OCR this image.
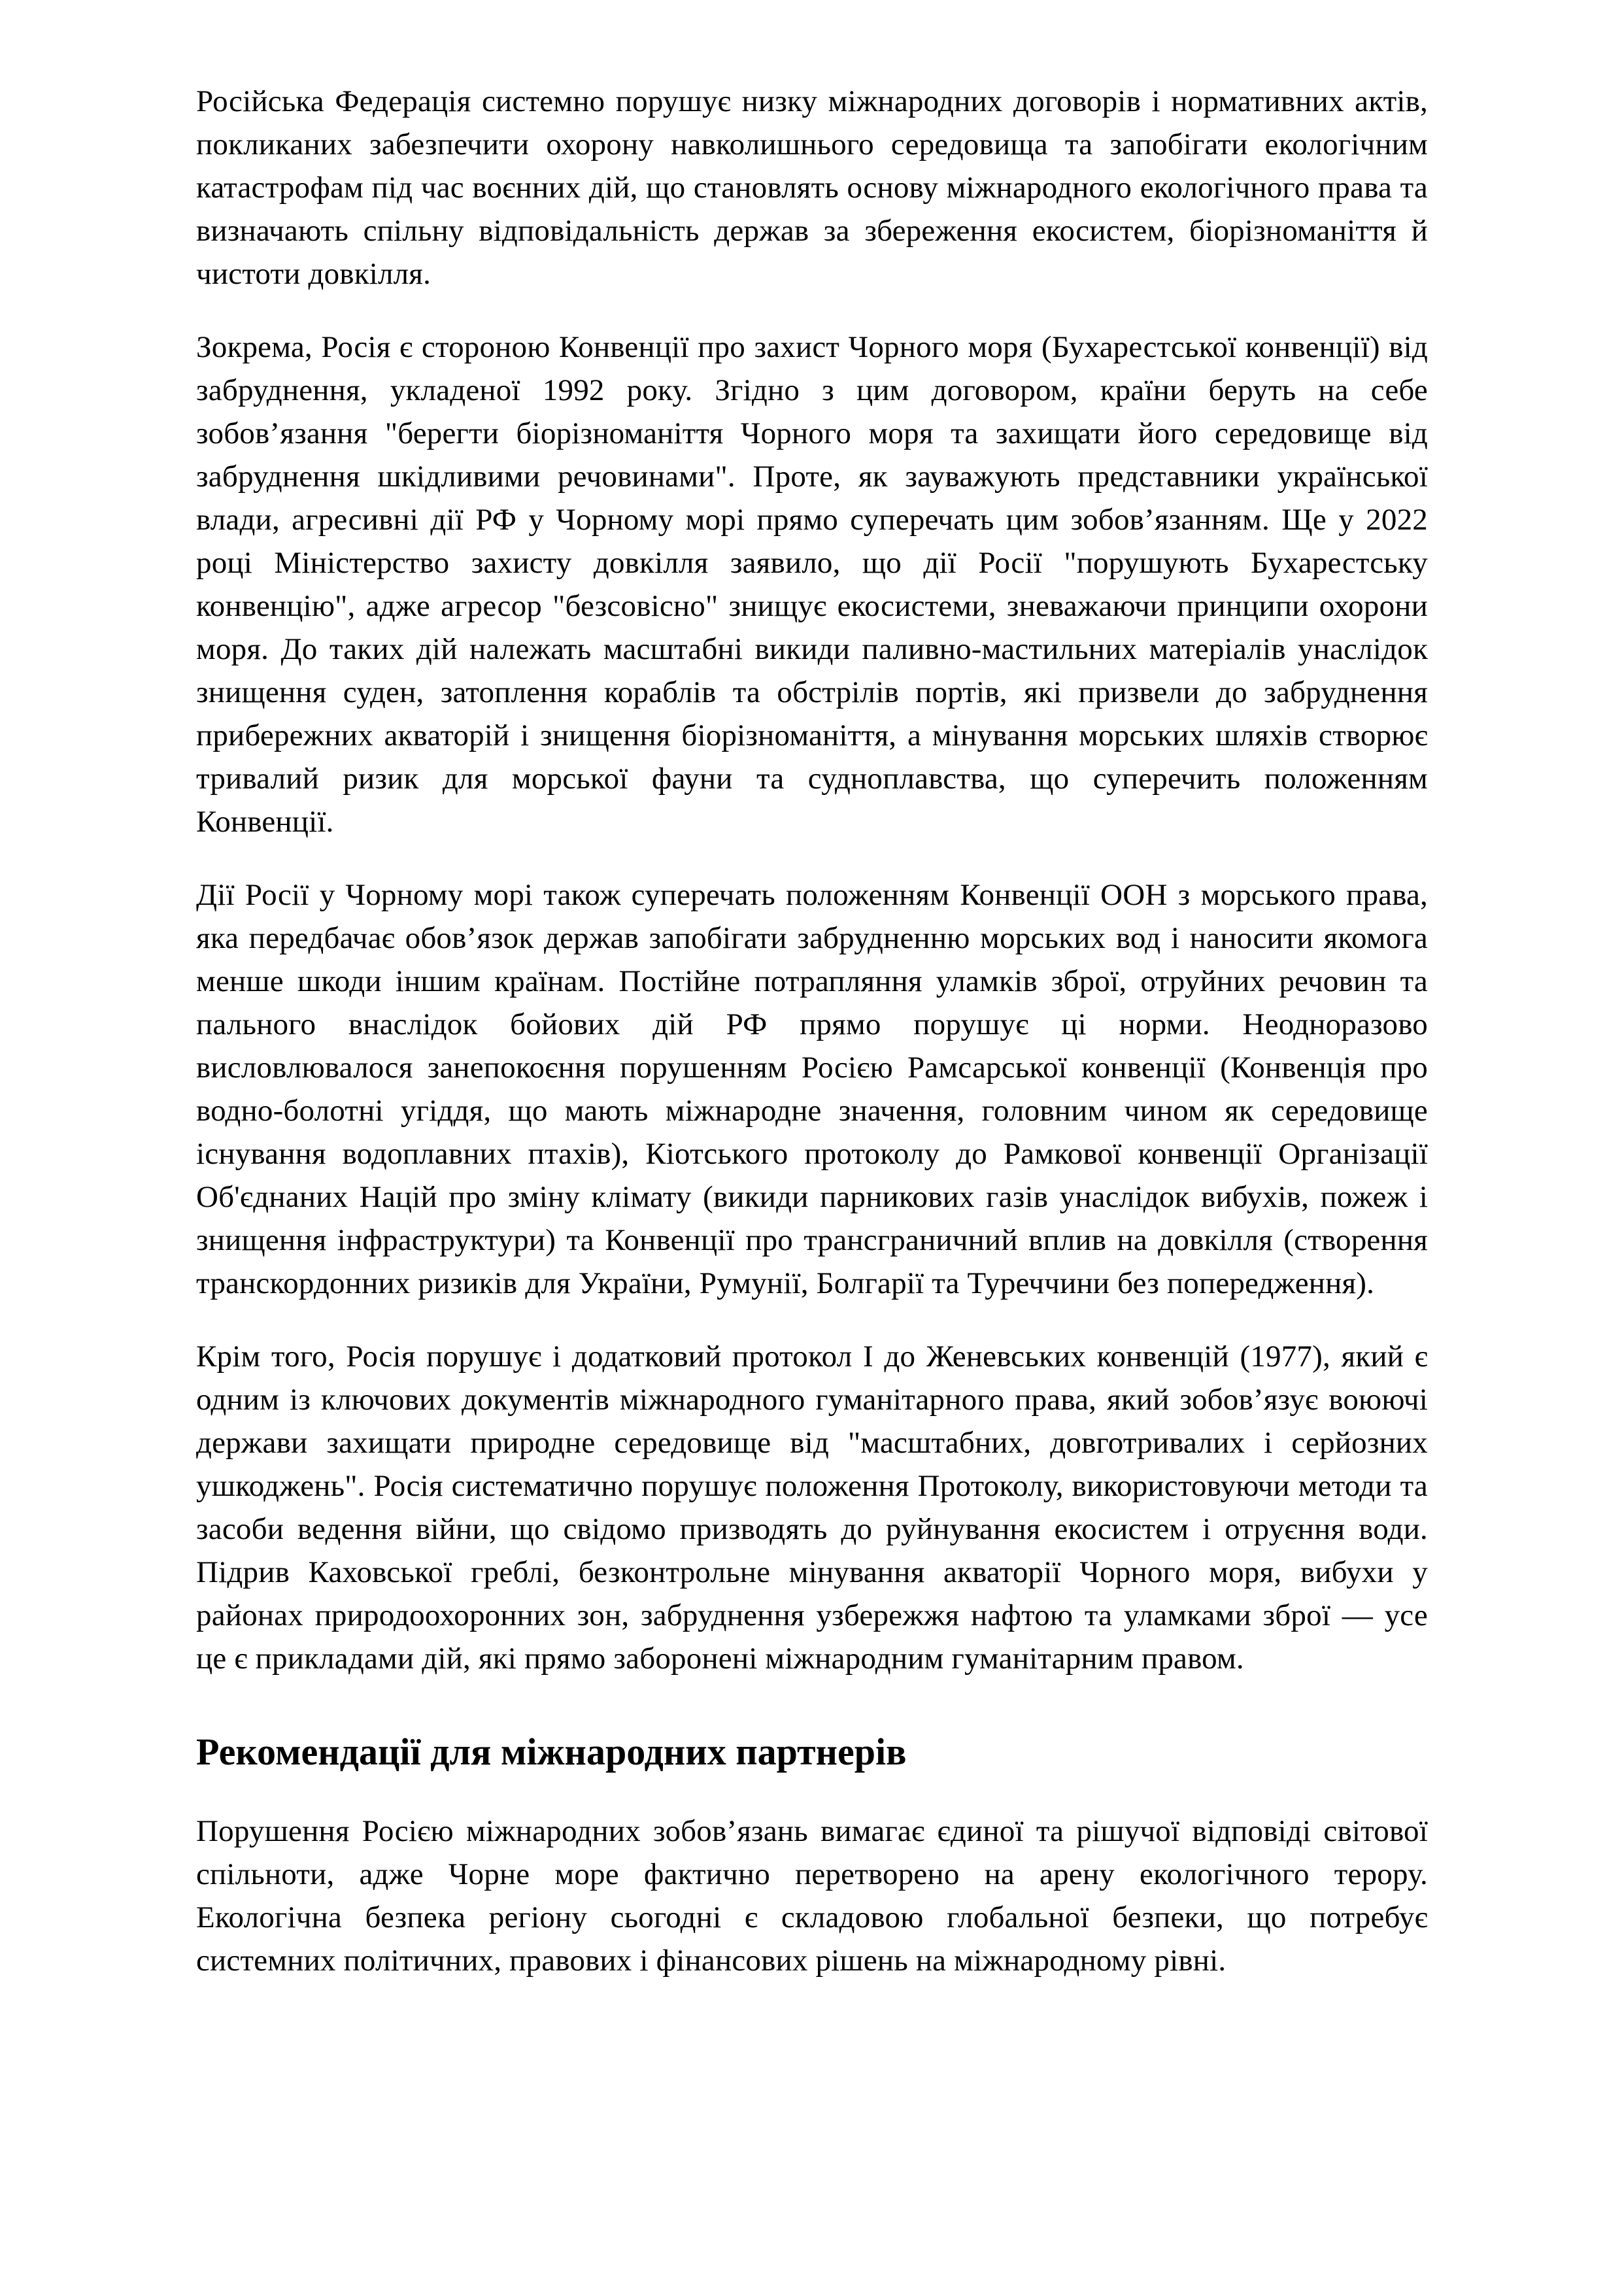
Російська Федерація системно порушує низку міжнародних договорів і нормативних актів, покликаних забезпечити охорону навколишнього середовища та запобігати екологічним катастрофам під час воєнних дій, що становлять основу міжнародного екологічного права та визначають спільну відповідальність держав за збереження екосистем, біорізноманіття й чистоти довкілля.

Зокрема, Росія є стороною Конвенції про захист Чорного моря (Бухарестської конвенції) від забруднення, укладеної 1992 року. Згідно з цим договором, країни беруть на себе зобов’язання "берегти біорізноманіття Чорного моря та захищати його середовище від забруднення шкідливими речовинами". Проте, як зауважують представники української влади, агресивні дії РФ у Чорному морі прямо суперечать цим зобов’язанням. Ще у 2022 році Міністерство захисту довкілля заявило, що дії Росії "порушують Бухарестську конвенцію", адже агресор "безсовісно" знищує екосистеми, зневажаючи принципи охорони моря. До таких дій належать масштабні викиди паливно-мастильних матеріалів унаслідок знищення суден, затоплення кораблів та обстрілів портів, які призвели до забруднення прибережних акваторій і знищення біорізноманіття, а мінування морських шляхів створює тривалий ризик для морської фауни та судноплавства, що суперечить положенням Конвенції.

Дії Росії у Чорному морі також суперечать положенням Конвенції ООН з морського права, яка передбачає обов’язок держав запобігати забрудненню морських вод і наносити якомога менше шкоди іншим країнам. Постійне потрапляння уламків зброї, отруйних речовин та пального внаслідок бойових дій РФ прямо порушує ці норми. Неодноразово висловлювалося занепокоєння порушенням Росією Рамсарської конвенції (Конвенція про водно-болотні угіддя, що мають міжнародне значення, головним чином як середовище існування водоплавних птахів), Кіотського протоколу до Рамкової конвенції Організації Об'єднаних Націй про зміну клімату (викиди парникових газів унаслідок вибухів, пожеж і знищення інфраструктури) та Конвенції про трансграничний вплив на довкілля (створення транскордонних ризиків для України, Румунії, Болгарії та Туреччини без попередження).

Крім того, Росія порушує і додатковий протокол I до Женевських конвенцій (1977), який є одним із ключових документів міжнародного гуманітарного права, який зобов’язує воюючі держави захищати природне середовище від "масштабних, довготривалих і серйозних ушкоджень". Росія систематично порушує положення Протоколу, використовуючи методи та засоби ведення війни, що свідомо призводять до руйнування екосистем і отруєння води. Підрив Каховської греблі, безконтрольне мінування акваторії Чорного моря, вибухи у районах природоохоронних зон, забруднення узбережжя нафтою та уламками зброї — усе це є прикладами дій, які прямо заборонені міжнародним гуманітарним правом.

Рекомендації для міжнародних партнерів

Порушення Росією міжнародних зобов’язань вимагає єдиної та рішучої відповіді світової спільноти, адже Чорне море фактично перетворено на арену екологічного терору. Екологічна безпека регіону сьогодні є складовою глобальної безпеки, що потребує системних політичних, правових і фінансових рішень на міжнародному рівні.
